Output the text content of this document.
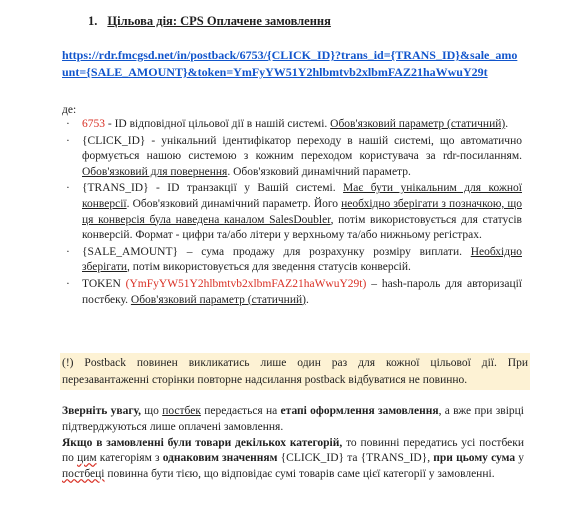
1. Цільова дія: CPS Оплачене замовлення
https://rdr.fmcgsd.net/in/postback/6753/{CLICK_ID}?trans_id={TRANS_ID}&sale_amount={SALE_AMOUNT}&token=YmFyYW51Y2hlbmtvb2xlbmFAZ21haWwuY29t
де:
· 6753 - ID відповідної цільової дії в нашій системі. Обов'язковий параметр (статичний).
· {CLICK_ID} - унікальний ідентифікатор переходу в нашій системі, що автоматично формується нашою системою з кожним переходом користувача за rdr-посиланням. Обов'язковий для повернення. Обов'язковий динамічний параметр.
· {TRANS_ID} - ID транзакції у Вашій системі. Має бути унікальним для кожної конверсії. Обов'язковий динамічний параметр. Його необхідно зберігати з позначкою, що ця конверсія була наведена каналом SalesDoubler, потім використовується для статусів конверсій. Формат - цифри та/або літери у верхньому та/або нижньому регістрах.
· {SALE_AMOUNT} – сума продажу для розрахунку розміру виплати. Необхідно зберігати, потім використовується для зведення статусів конверсій.
· TOKEN (YmFyYW51Y2hlbmtvb2xlbmFAZ21haWwuY29t) – hash-пароль для авторизації постбеку. Обов'язковий параметр (статичний).
(!) Postback повинен викликатись лише один раз для кожної цільової дії. При перезавантаженні сторінки повторне надсилання postback відбуватися не повинно.
Зверніть увагу, що постбек передається на етапі оформлення замовлення, а вже при звірці підтверджуються лише оплачені замовлення.
Якщо в замовленні були товари декількох категорій, то повинні передатись усі постбеки по цим категоріям з однаковим значенням {CLICK_ID} та {TRANS_ID}, при цьому сума у постбеці повинна бути тією, що відповідає сумі товарів саме цієї категорії у замовленні.
